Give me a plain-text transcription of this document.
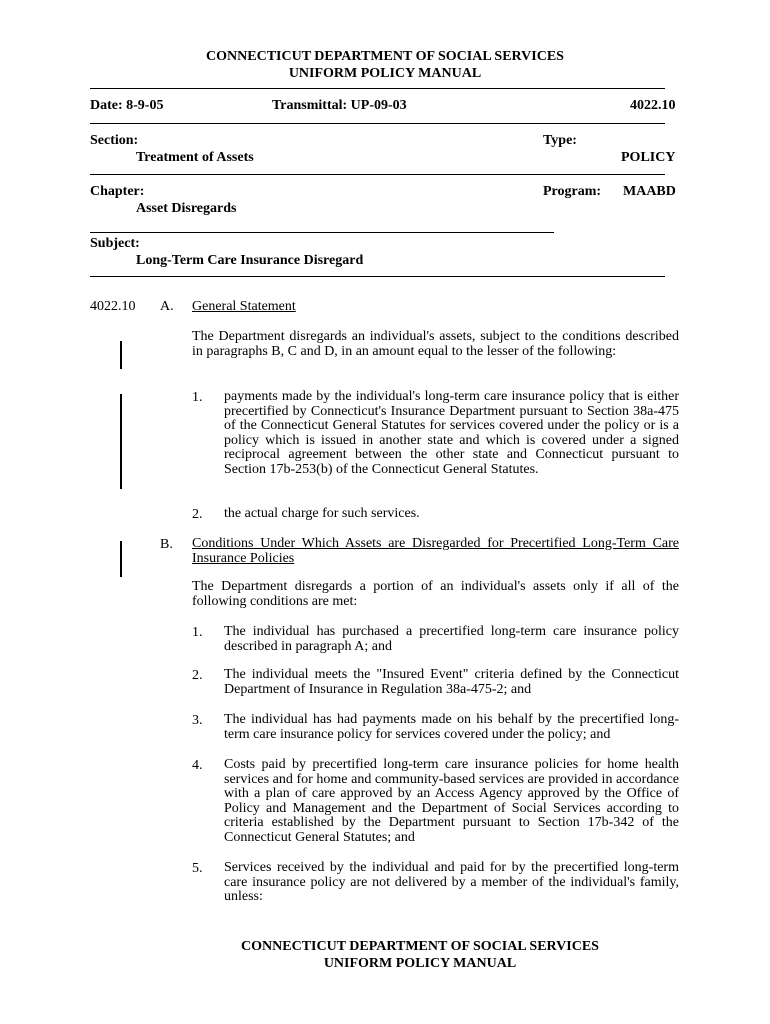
CONNECTICUT DEPARTMENT OF SOCIAL SERVICES
UNIFORM POLICY MANUAL
Date: 8-9-05	Transmittal: UP-09-03	4022.10
Section:
Treatment of Assets
Type:
POLICY
Chapter:
Asset Disregards
Program: MAABD
Subject:
Long-Term Care Insurance Disregard
4022.10 A. General Statement
The Department disregards an individual's assets, subject to the conditions described in paragraphs B, C and D, in an amount equal to the lesser of the following:
1. payments made by the individual's long-term care insurance policy that is either precertified by Connecticut's Insurance Department pursuant to Section 38a-475 of the Connecticut General Statutes for services covered under the policy or is a policy which is issued in another state and which is covered under a signed reciprocal agreement between the other state and Connecticut pursuant to Section 17b-253(b) of the Connecticut General Statutes.
2. the actual charge for such services.
B. Conditions Under Which Assets are Disregarded for Precertified Long-Term Care Insurance Policies
The Department disregards a portion of an individual's assets only if all of the following conditions are met:
1. The individual has purchased a precertified long-term care insurance policy described in paragraph A; and
2. The individual meets the "Insured Event" criteria defined by the Connecticut Department of Insurance in Regulation 38a-475-2; and
3. The individual has had payments made on his behalf by the precertified long-term care insurance policy for services covered under the policy; and
4. Costs paid by precertified long-term care insurance policies for home health services and for home and community-based services are provided in accordance with a plan of care approved by an Access Agency approved by the Office of Policy and Management and the Department of Social Services according to criteria established by the Department pursuant to Section 17b-342 of the Connecticut General Statutes; and
5. Services received by the individual and paid for by the precertified long-term care insurance policy are not delivered by a member of the individual's family, unless:
CONNECTICUT DEPARTMENT OF SOCIAL SERVICES
UNIFORM POLICY MANUAL
